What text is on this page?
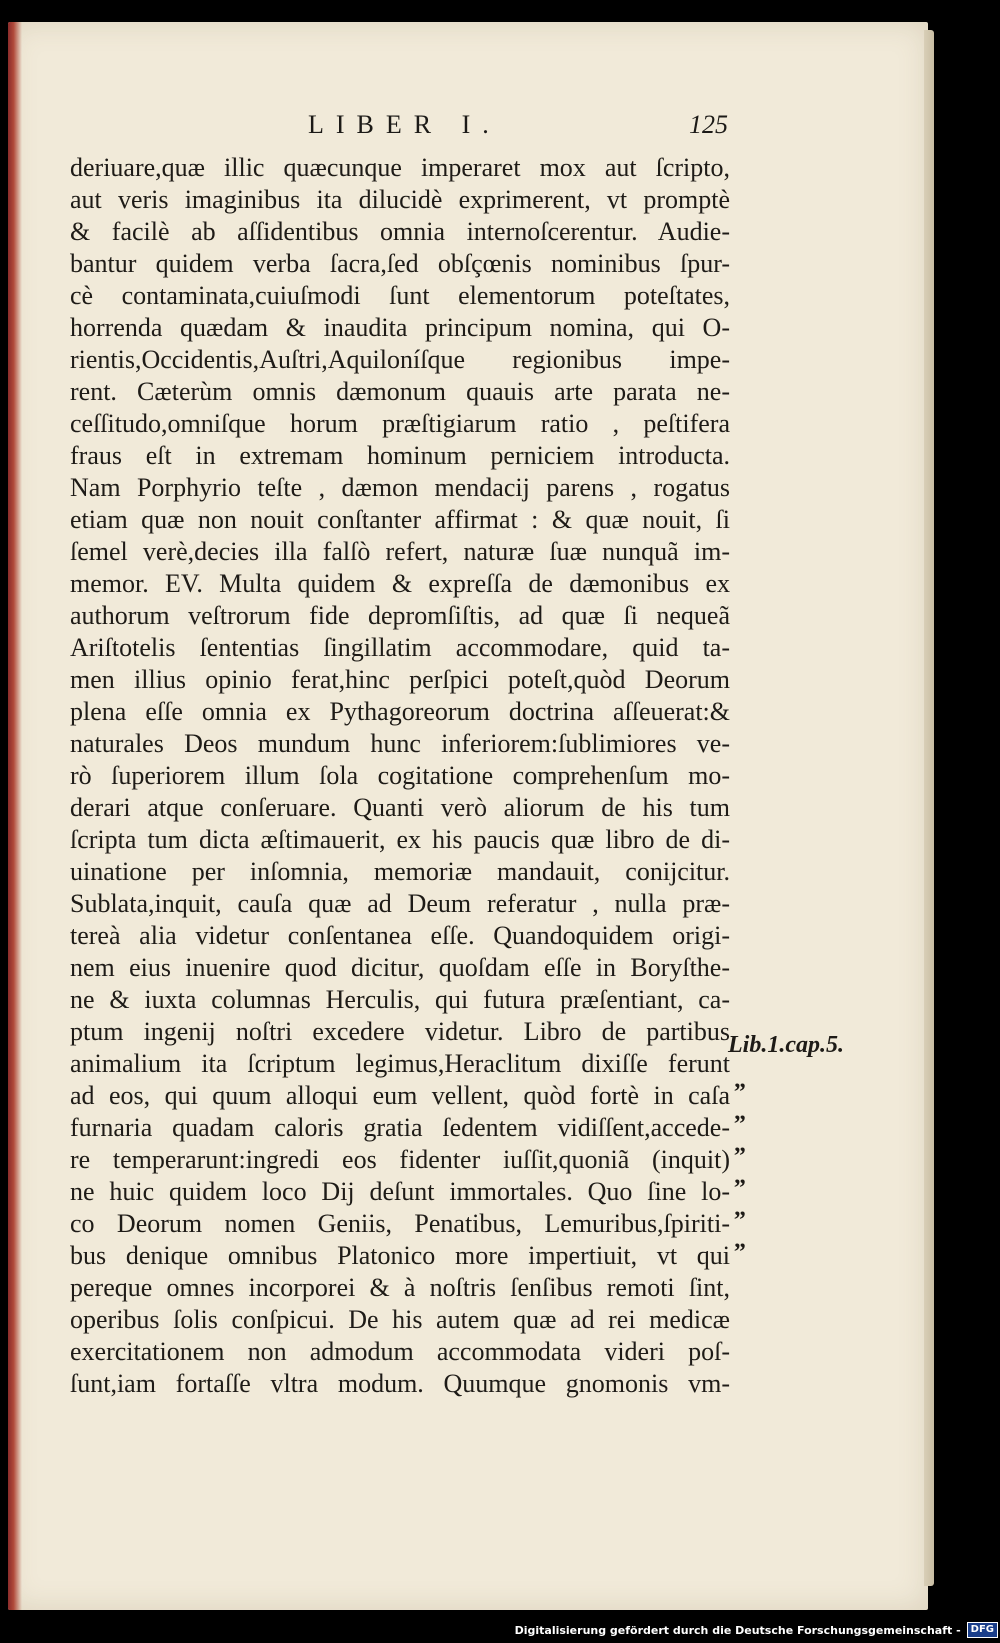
LIBER I.	125
deriuare,quæ illic quæcunque imperaret mox aut ſcripto,
aut veris imaginibus ita dilucidè exprimerent, vt promptè
& facilè ab aſſidentibus omnia internoſcerentur. Audie-
bantur quidem verba ſacra,ſed obſçœnis nominibus ſpur-
cè contaminata,cuiuſmodi ſunt elementorum poteſtates,
horrenda quædam & inaudita principum nomina, qui O-
rientis,Occidentis,Auſtri,Aquiloníſque regionibus impe-
rent. Cæterùm omnis dæmonum quauis arte parata ne-
ceſſitudo,omniſque horum præſtigiarum ratio , peſtifera
fraus eſt in extremam hominum perniciem introducta.
Nam Porphyrio teſte , dæmon mendacij parens , rogatus
etiam quæ non nouit conſtanter affirmat : & quæ nouit, ſi
ſemel verè,decies illa falſò refert, naturæ ſuæ nunquã im-
memor. EV. Multa quidem & expreſſa de dæmonibus ex
authorum veſtrorum fide depromſiſtis, ad quæ ſi nequeã
Ariſtotelis ſententias ſingillatim accommodare, quid ta-
men illius opinio ferat,hinc perſpici poteſt,quòd Deorum
plena eſſe omnia ex Pythagoreorum doctrina aſſeuerat:&
naturales Deos mundum hunc inferiorem:ſublimiores ve-
rò ſuperiorem illum ſola cogitatione comprehenſum mo-
derari atque conſeruare. Quanti verò aliorum de his tum
ſcripta tum dicta æſtimauerit, ex his paucis quæ libro de di-
uinatione per inſomnia, memoriæ mandauit, conijcitur.
Sublata,inquit, cauſa quæ ad Deum referatur , nulla præ-
tereà alia videtur conſentanea eſſe. Quandoquidem origi-
nem eius inuenire quod dicitur, quoſdam eſſe in Boryſthe-
ne & iuxta columnas Herculis, qui futura præſentiant, ca-
ptum ingenij noſtri excedere videtur. Libro de partibus
animalium ita ſcriptum legimus,Heraclitum dixiſſe ferunt
ad eos, qui quum alloqui eum vellent, quòd fortè in caſa
furnaria quadam caloris gratia ſedentem vidiſſent,accede-
re temperarunt:ingredi eos fidenter iuſſit,quoniã (inquit)
ne huic quidem loco Dij deſunt immortales. Quo ſine lo-
co Deorum nomen Geniis, Penatibus, Lemuribus,ſpiriti-
bus denique omnibus Platonico more impertiuit, vt qui
pereque omnes incorporei & à noſtris ſenſibus remoti ſint,
operibus ſolis conſpicui. De his autem quæ ad rei medicæ
exercitationem non admodum accommodata videri poſ-
ſunt,iam fortaſſe vltra modum. Quumque gnomonis vm-
Lib.1.cap.5.
„
„
„
„
„
„
Digitalisierung gefördert durch die Deutsche Forschungsgemeinschaft -	DFG
